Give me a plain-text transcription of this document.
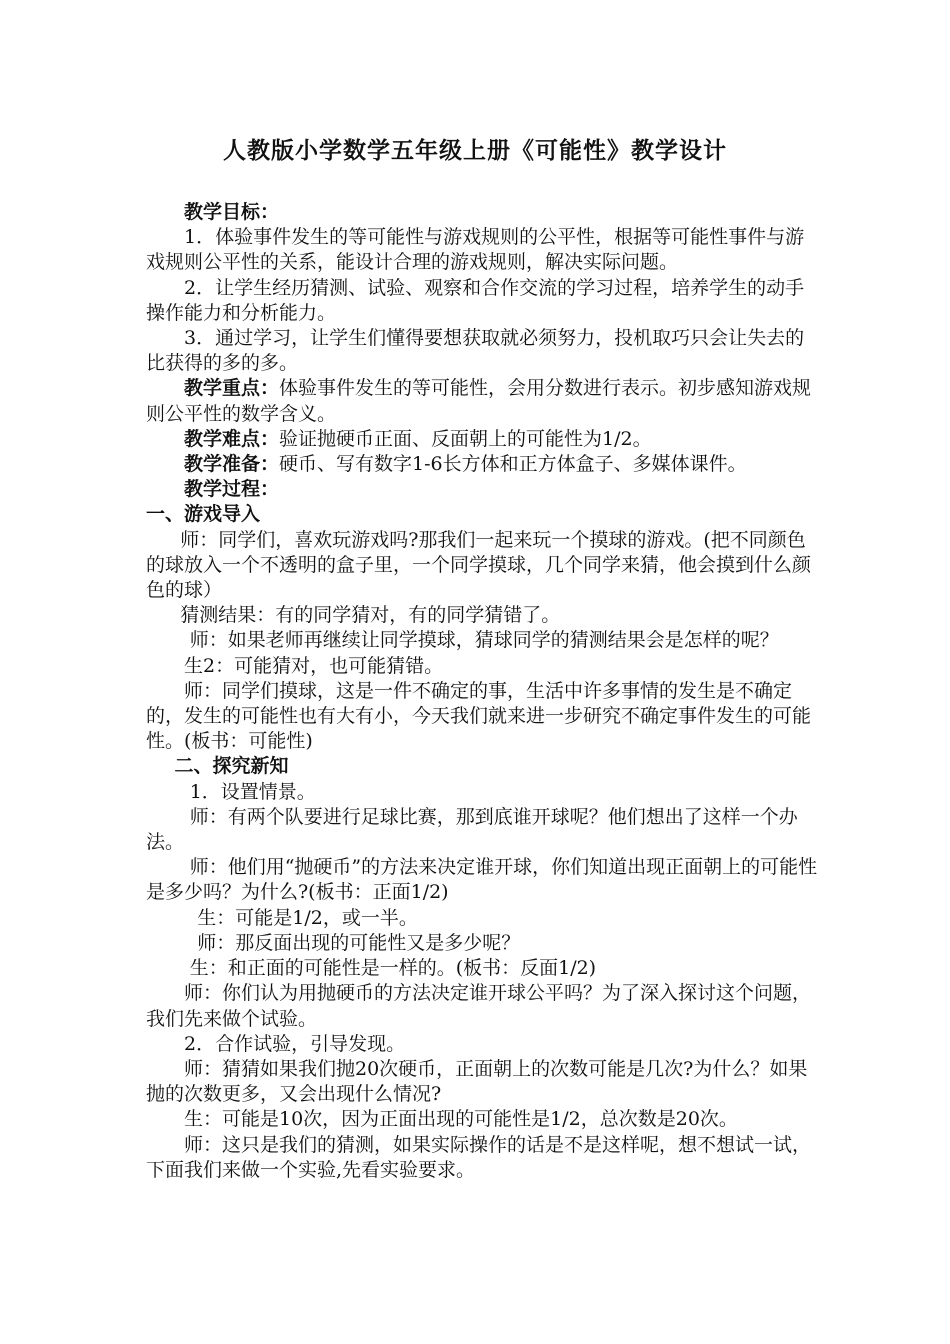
人教版小学数学五年级上册《可能性》教学设计

教学目标：

1．体验事件发生的等可能性与游戏规则的公平性，根据等可能性事件与游戏规则公平性的关系，能设计合理的游戏规则，解决实际问题。

2．让学生经历猜测、试验、观察和合作交流的学习过程，培养学生的动手操作能力和分析能力。

3．通过学习，让学生们懂得要想获取就必须努力，投机取巧只会让失去的比获得的多的多。

教学重点：体验事件发生的等可能性，会用分数进行表示。初步感知游戏规则公平性的数学含义。

教学难点：验证抛硬币正面、反面朝上的可能性为1/2。

教学准备：硬币、写有数字1-6长方体和正方体盒子、多媒体课件。

教学过程：

一、游戏导入

师：同学们，喜欢玩游戏吗?那我们一起来玩一个摸球的游戏。(把不同颜色的球放入一个不透明的盒子里，一个同学摸球，几个同学来猜，他会摸到什么颜色的球）

猜测结果：有的同学猜对，有的同学猜错了。

师：如果老师再继续让同学摸球，猜球同学的猜测结果会是怎样的呢？

生2：可能猜对，也可能猜错。

师：同学们摸球，这是一件不确定的事，生活中许多事情的发生是不确定的，发生的可能性也有大有小，今天我们就来进一步研究不确定事件发生的可能性。(板书：可能性)

二、探究新知

1．设置情景。

师：有两个队要进行足球比赛，那到底谁开球呢？他们想出了这样一个办法。

师：他们用“抛硬币”的方法来决定谁开球，你们知道出现正面朝上的可能性是多少吗？为什么?(板书：正面1/2)

生：可能是1/2，或一半。

师：那反面出现的可能性又是多少呢？

生：和正面的可能性是一样的。(板书：反面1/2)

师：你们认为用抛硬币的方法决定谁开球公平吗？为了深入探讨这个问题，我们先来做个试验。

2．合作试验，引导发现。

师：猜猜如果我们抛20次硬币，正面朝上的次数可能是几次?为什么？如果抛的次数更多，又会出现什么情况?

生：可能是10次，因为正面出现的可能性是1/2，总次数是20次。

师：这只是我们的猜测，如果实际操作的话是不是这样呢，想不想试一试，下面我们来做一个实验,先看实验要求。
